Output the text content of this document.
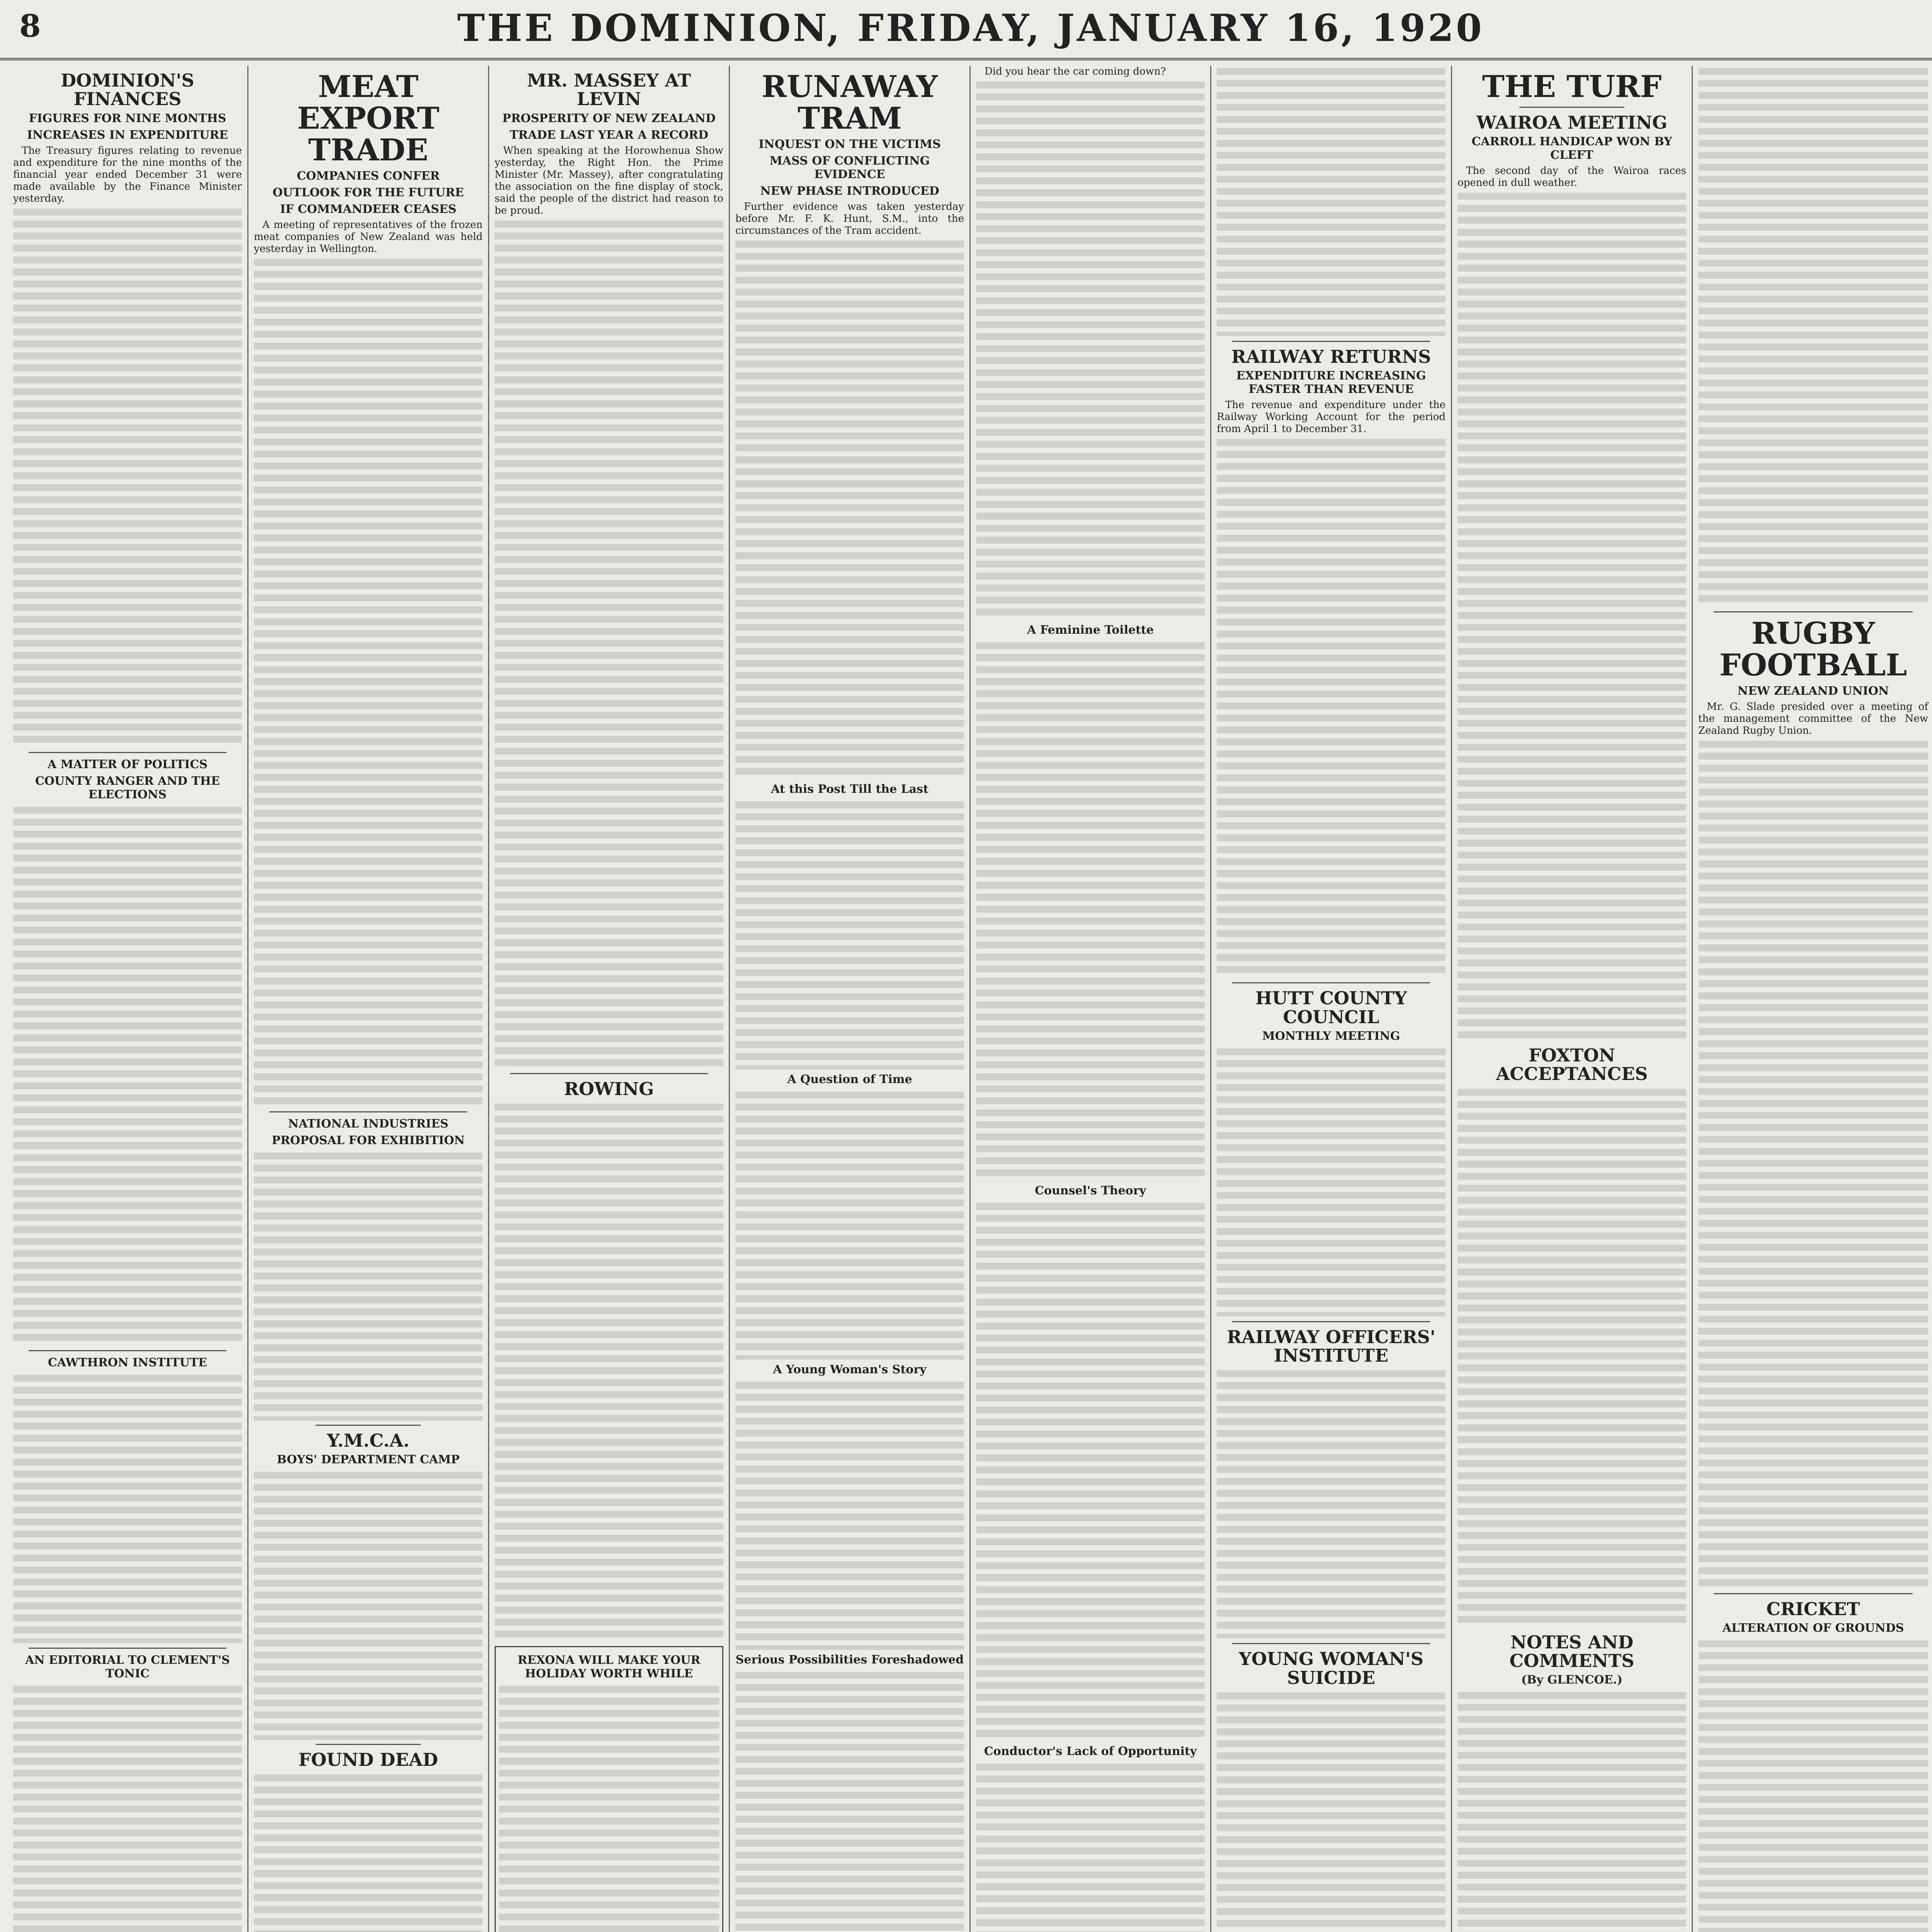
8	THE DOMINION, FRIDAY, JANUARY 16, 1920
DOMINION'S FINANCES
FIGURES FOR NINE MONTHS
INCREASES IN EXPENDITURE

The Treasury figures relating to revenue and expenditure for the nine months of the financial year ended December 31 were made available by the Finance Minister yesterday.

A MATTER OF POLITICS
COUNTY RANGER AND THE ELECTIONS
CAWTHRON INSTITUTE
AN EDITORIAL TO CLEMENT'S TONIC
MEAT EXPORT TRADE
COMPANIES CONFER
OUTLOOK FOR THE FUTURE
IF COMMANDEER CEASES

A meeting of representatives of the frozen meat companies of New Zealand was held yesterday in Wellington.

NATIONAL INDUSTRIES
PROPOSAL FOR EXHIBITION
Y.M.C.A.
BOYS' DEPARTMENT CAMP
FOUND DEAD
MR. MASSEY AT LEVIN
PROSPERITY OF NEW ZEALAND
TRADE LAST YEAR A RECORD

When speaking at the Horowhenua Show yesterday, the Right Hon. the Prime Minister (Mr. Massey), after congratulating the association on the fine display of stock, said the people of the district had reason to be proud.

ROWING
REXONA WILL MAKE YOUR HOLIDAY WORTH WHILE
RUNAWAY TRAM
INQUEST ON THE VICTIMS
MASS OF CONFLICTING EVIDENCE
NEW PHASE INTRODUCED

Further evidence was taken yesterday before Mr. F. K. Hunt, S.M., into the circumstances of the Tram accident.

At this Post Till the Last
A Question of Time
A Young Woman's Story
Serious Possibilities Foreshadowed

Did you hear the car coming down?

A Feminine Toilette
Counsel's Theory
Conductor's Lack of Opportunity
RAILWAY RETURNS
EXPENDITURE INCREASING FASTER THAN REVENUE

The revenue and expenditure under the Railway Working Account for the period from April 1 to December 31.

HUTT COUNTY COUNCIL
MONTHLY MEETING
RAILWAY OFFICERS' INSTITUTE
YOUNG WOMAN'S SUICIDE
THE TURF
WAIROA MEETING
CARROLL HANDICAP WON BY CLEFT

The second day of the Wairoa races opened in dull weather.

FOXTON ACCEPTANCES
NOTES AND COMMENTS
(By GLENCOE.)
RUGBY FOOTBALL
NEW ZEALAND UNION

Mr. G. Slade presided over a meeting of the management committee of the New Zealand Rugby Union.

CRICKET
ALTERATION OF GROUNDS
